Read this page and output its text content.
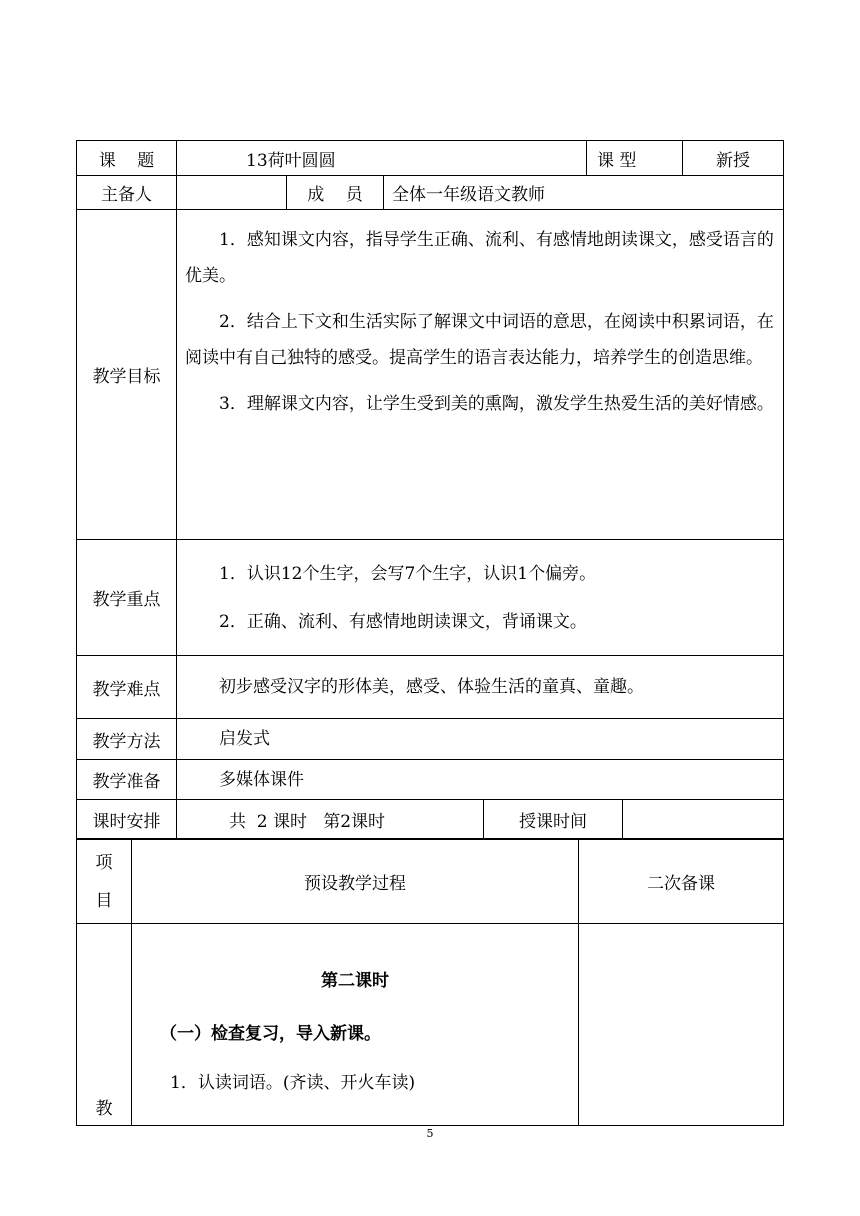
课    题	13荷叶圆圆				课 型		新授
主备人		成    员	全体一年级语文教师				
教学目标	1．感知课文内容，指导学生正确、流利、有感情地朗读课文，感受语言的优美。

2．结合上下文和生活实际了解课文中词语的意思，在阅读中积累词语，在阅读中有自己独特的感受。提高学生的语言表达能力，培养学生的创造思维。

3．理解课文内容，让学生受到美的熏陶，激发学生热爱生活的美好情感。						

教学重点	1．认识12个生字，会写7个生字，认识1个偏旁。

2．正确、流利、有感情地朗读课文，背诵课文。						

教学难点	初步感受汉字的形体美，感受、体验生活的童真、童趣。						

教学方法	启发式						

教学准备	多媒体课件						

课时安排	共  2 课时   第2课时			授课时间			
项
目	预设教学过程	二次备课
教	第二课时
（一）检查复习，导入新课。
1．认读词语。(齐读、开火车读)	

5
